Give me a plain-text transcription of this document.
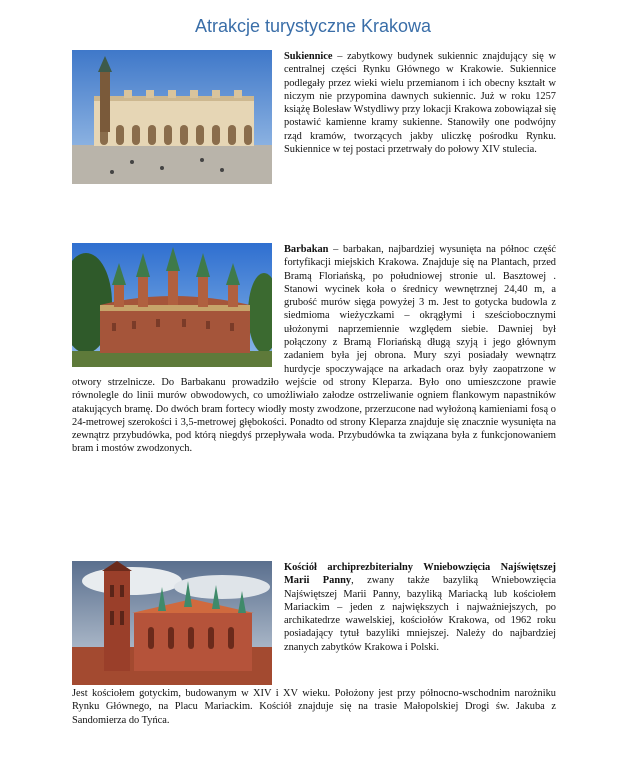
Atrakcje turystyczne Krakowa

Sukiennice – zabytkowy budynek sukiennic znajdujący się w centralnej części Rynku Głównego w Krakowie. Sukiennice podlegały przez wieki wielu przemianom i ich obecny kształt w niczym nie przypomina dawnych sukiennic. Już w roku 1257 książę Bolesław Wstydliwy przy lokacji Krakowa zobowiązał się postawić kamienne kramy sukienne. Stanowiły one podwójny rząd kramów, tworzących jakby uliczkę pośrodku Rynku. Sukiennice w tej postaci przetrwały do połowy XIV stulecia.

Barbakan – barbakan, najbardziej wysunięta na północ część fortyfikacji miejskich Krakowa. Znajduje się na Plantach, przed Bramą Floriańską, po południowej stronie ul. Basztowej . Stanowi wycinek koła o średnicy wewnętrznej 24,40 m, a grubość murów sięga powyżej 3 m. Jest to gotycka budowla z siedmioma wieżyczkami – okrągłymi i sześciobocznymi ułożonymi naprzemiennie względem siebie. Dawniej był połączony z Bramą Floriańską długą szyją i jego głównym zadaniem była jej obrona. Mury szyi posiadały wewnątrz hurdycje spoczywające na arkadach oraz były zaopatrzone w otwory strzelnicze. Do Barbakanu prowadziło wejście od strony Kleparza. Było ono umieszczone prawie równolegle do linii murów obwodowych, co umożliwiało załodze ostrzeliwanie ogniem flankowym napastników atakujących bramę. Do dwóch bram fortecy wiodły mosty zwodzone, przerzucone nad wyłożoną kamieniami fosą o 24-metrowej szerokości i 3,5-metrowej głębokości. Ponadto od strony Kleparza znajduje się znacznie wysunięta na zewnątrz przybudówka, pod którą niegdyś przepływała woda. Przybudówka ta związana była z funkcjonowaniem bram i mostów zwodzonych.

Kościół archiprezbiterialny Wniebowzięcia Najświętszej Marii Panny, zwany także bazyliką Wniebowzięcia Najświętszej Marii Panny, bazyliką Mariacką lub kościołem Mariackim – jeden z największych i najważniejszych, po archikatedrze wawelskiej, kościołów Krakowa, od 1962 roku posiadający tytuł bazyliki mniejszej. Należy do najbardziej znanych zabytków Krakowa i Polski.

Jest kościołem gotyckim, budowanym w XIV i XV wieku. Położony jest przy północno-wschodnim narożniku Rynku Głównego, na Placu Mariackim. Kościół znajduje się na trasie Małopolskiej Drogi św. Jakuba z Sandomierza do Tyńca.
